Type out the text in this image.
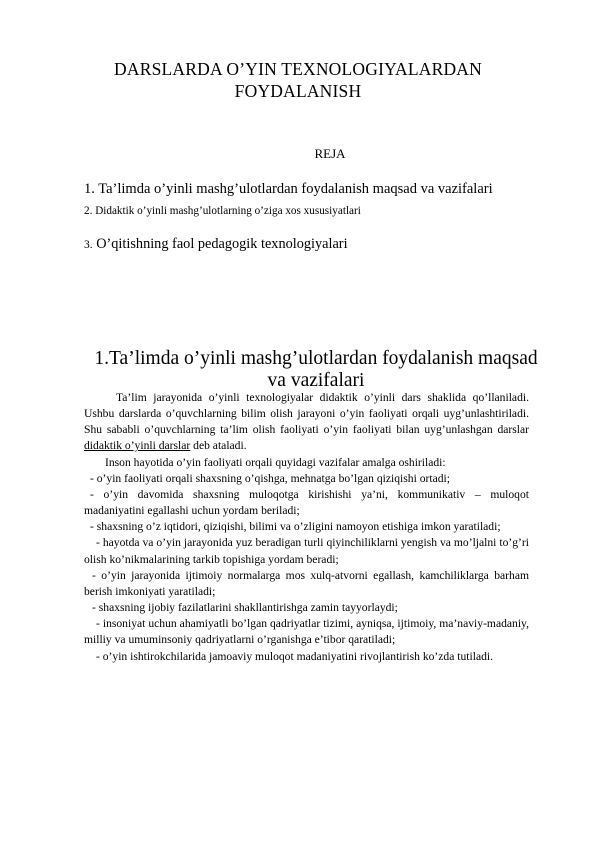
DARSLARDA O’YIN TEXNOLOGIYALARDAN FOYDALANISH
REJA
1. Ta’limda o’yinli mashg’ulotlardan foydalanish maqsad va vazifalari
2. Didaktik o’yinli mashg’ulotlarning o’ziga xos xususiyatlari
3. O’qitishning faol pedagogik texnologiyalari
1.Ta’limda o’yinli mashg’ulotlardan foydalanish maqsad va vazifalari

Ta’lim jarayonida o’yinli texnologiyalar didaktik o’yinli dars shaklida qo’llaniladi. Ushbu darslarda o’quvchlarning bilim olish jarayoni o’yin faoliyati orqali uyg’unlashtiriladi. Shu sababli o’quvchlarning ta’lim olish faoliyati o’yin faoliyati bilan uyg’unlashgan darslar didaktik o’yinli darslar deb ataladi.

Inson hayotida o’yin faoliyati orqali quyidagi vazifalar amalga oshiriladi:

- o’yin faoliyati orqali shaxsning o’qishga, mehnatga bo’lgan qiziqishi ortadi;

- o’yin davomida shaxsning muloqotga kirishishi ya’ni, kommunikativ – muloqot madaniyatini egallashi uchun yordam beriladi;

- shaxsning o’z iqtidori, qiziqishi, bilimi va o’zligini namoyon etishiga imkon yaratiladi;

- hayotda va o’yin jarayonida yuz beradigan turli qiyinchiliklarni yengish va mo’ljalni to’g’ri olish ko’nikmalarining tarkib topishiga yordam beradi;

- o’yin jarayonida ijtimoiy normalarga mos xulq-atvorni egallash, kamchiliklarga barham berish imkoniyati yaratiladi;

- shaxsning ijobiy fazilatlarini shakllantirishga zamin tayyorlaydi;

- insoniyat uchun ahamiyatli bo’lgan qadriyatlar tizimi, ayniqsa, ijtimoiy, ma’naviy-madaniy, milliy va umuminsoniy qadriyatlarni o’rganishga e’tibor qaratiladi;

- o’yin ishtirokchilarida jamoaviy muloqot madaniyatini rivojlantirish ko’zda tutiladi.
